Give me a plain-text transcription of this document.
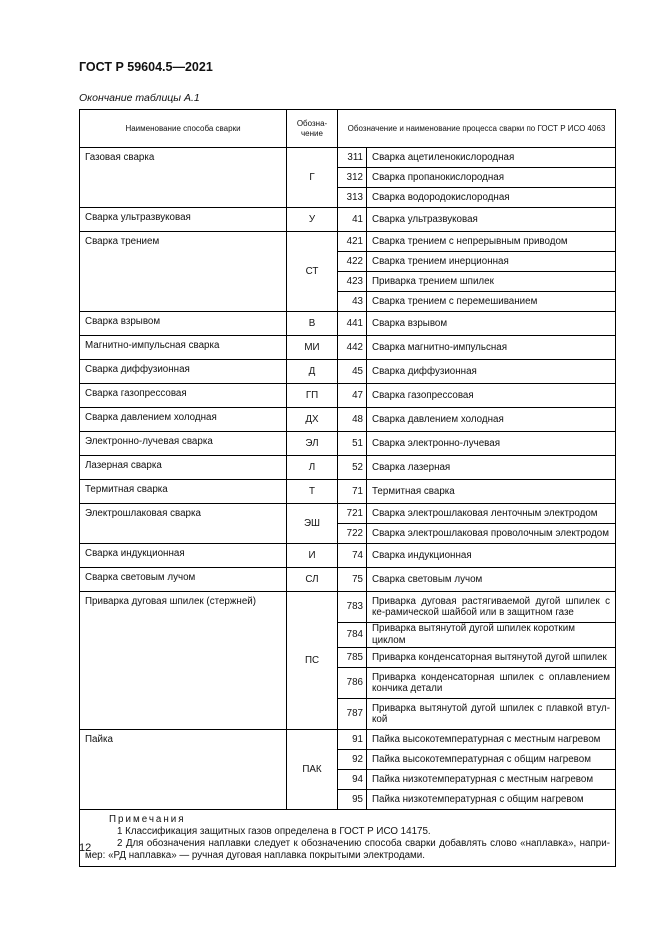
ГОСТ Р 59604.5—2021
Окончание таблицы А.1
Наименование способа сварки	Обозна-чение	Обозначение и наименование процесса сварки по ГОСТ Р ИСО 4063	
Газовая сварка	Г	311	Сварка ацетиленокислородная
		312	Сварка пропанокислородная
		313	Сварка водородокислородная
Сварка ультразвуковая	У	41	Сварка ультразвуковая
Сварка трением	СТ	421	Сварка трением с непрерывным приводом
		422	Сварка трением инерционная
		423	Приварка трением шпилек
		43	Сварка трением с перемешиванием
Сварка взрывом	В	441	Сварка взрывом
Магнитно-импульсная сварка	МИ	442	Сварка магнитно-импульсная
Сварка диффузионная	Д	45	Сварка диффузионная
Сварка газопрессовая	ГП	47	Сварка газопрессовая
Сварка давлением холодная	ДХ	48	Сварка давлением холодная
Электронно-лучевая сварка	ЭЛ	51	Сварка электронно-лучевая
Лазерная сварка	Л	52	Сварка лазерная
Термитная сварка	Т	71	Термитная сварка
Электрошлаковая сварка	ЭШ	721	Сварка электрошлаковая ленточным электродом
		722	Сварка электрошлаковая проволочным электродом
Сварка индукционная	И	74	Сварка индукционная
Сварка световым лучом	СЛ	75	Сварка световым лучом
Приварка дуговая шпилек (стержней)	ПС	783	Приварка дуговая растягиваемой дугой шпилек с ке-рамической шайбой или в защитном газе
		784	Приварка вытянутой дугой шпилек коротким циклом
		785	Приварка конденсаторная вытянутой дугой шпилек
		786	Приварка конденсаторная шпилек с оплавлением кончика детали
		787	Приварка вытянутой дугой шпилек с плавкой втул-кой
Пайка	ПАК	91	Пайка высокотемпературная с местным нагревом
		92	Пайка высокотемпературная с общим нагревом
		94	Пайка низкотемпературная с местным нагревом
		95	Пайка низкотемпературная с общим нагревом

Примечания
1 Классификация защитных газов определена в ГОСТ Р ИСО 14175.
2 Для обозначения наплавки следует к обозначению способа сварки добавлять слово «наплавка», напри-мер: «РД наплавка» — ручная дуговая наплавка покрытыми электродами.			
12
